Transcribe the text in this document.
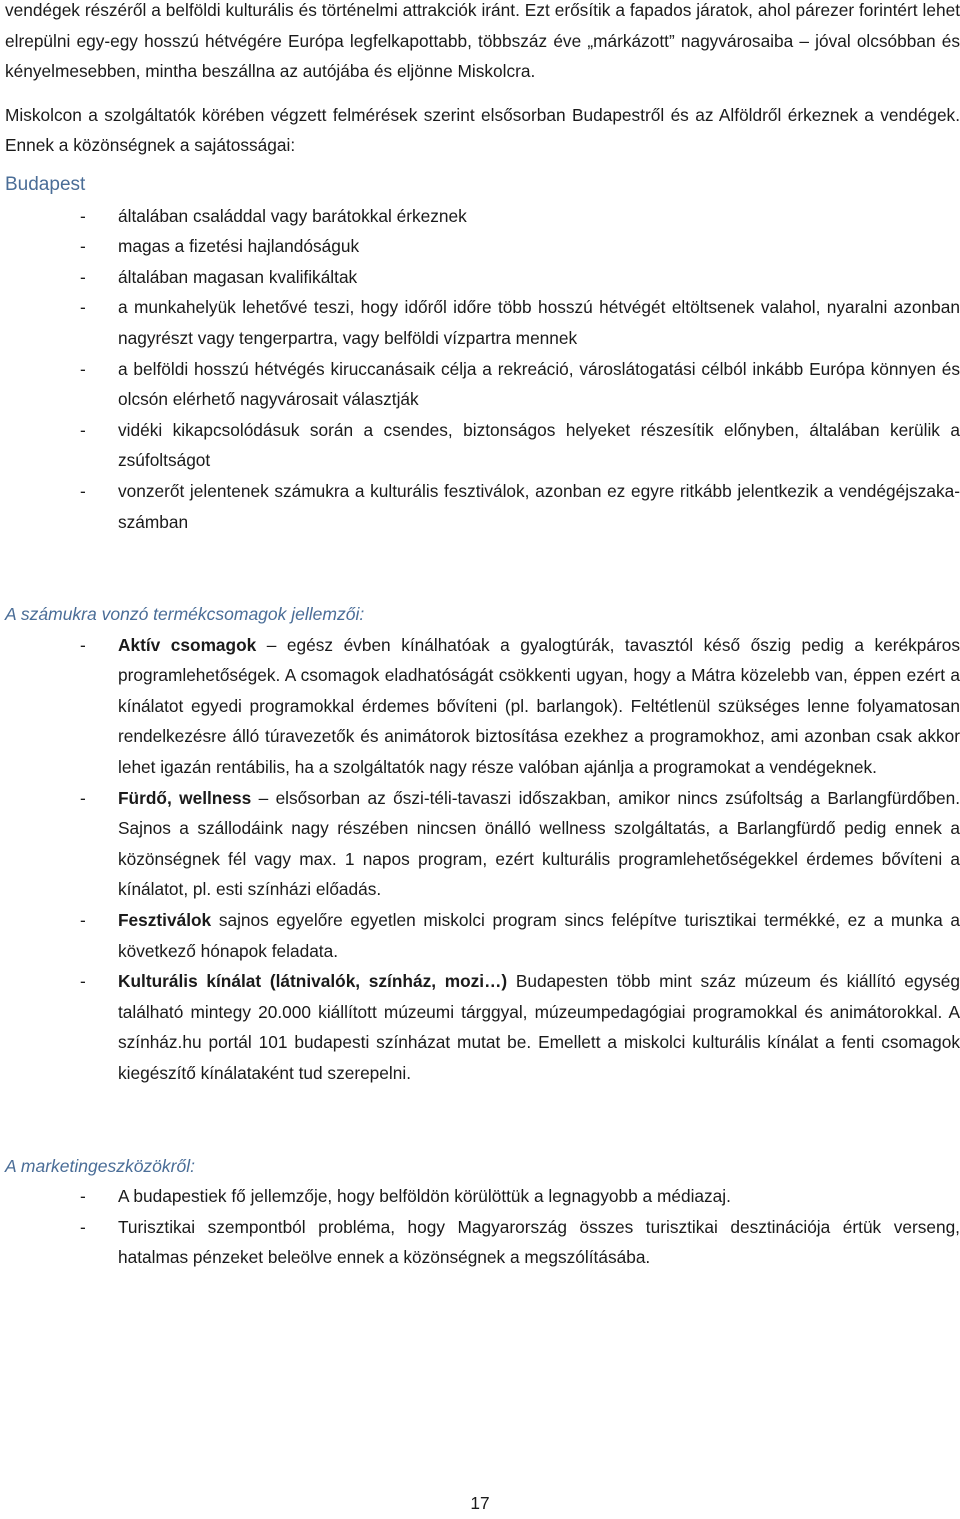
vendégek részéről a belföldi kulturális és történelmi attrakciók iránt. Ezt erősítik a fapados járatok, ahol párezer forintért lehet elrepülni egy-egy hosszú hétvégére Európa legfelkapottabb, többszáz éve „márkázott” nagyvárosaiba – jóval olcsóbban és kényelmesebben, mintha beszállna az autójába és eljönne Miskolcra.

Miskolcon a szolgáltatók körében végzett felmérések szerint elsősorban Budapestről és az Alföldről érkeznek a vendégek. Ennek a közönségnek a sajátosságai:

Budapest
- általában családdal vagy barátokkal érkeznek
- magas a fizetési hajlandóságuk
- általában magasan kvalifikáltak
- a munkahelyük lehetővé teszi, hogy időről időre több hosszú hétvégét eltöltsenek valahol, nyaralni azonban nagyrészt vagy tengerpartra, vagy belföldi vízpartra mennek
- a belföldi hosszú hétvégés kiruccanásaik célja a rekreáció, városlátogatási célból inkább Európa könnyen és olcsón elérhető nagyvárosait választják
- vidéki kikapcsolódásuk során a csendes, biztonságos helyeket részesítik előnyben, általában kerülik a zsúfoltságot
- vonzerőt jelentenek számukra a kulturális fesztiválok, azonban ez egyre ritkább jelentkezik a vendégéjszaka-számban
A számukra vonzó termékcsomagok jellemzői:
- Aktív csomagok – egész évben kínálhatóak a gyalogtúrák, tavasztól késő őszig pedig a kerékpáros programlehetőségek. A csomagok eladhatóságát csökkenti ugyan, hogy a Mátra közelebb van, éppen ezért a kínálatot egyedi programokkal érdemes bővíteni (pl. barlangok). Feltétlenül szükséges lenne folyamatosan rendelkezésre álló túravezetők és animátorok biztosítása ezekhez a programokhoz, ami azonban csak akkor lehet igazán rentábilis, ha a szolgáltatók nagy része valóban ajánlja a programokat a vendégeknek.
- Fürdő, wellness – elsősorban az őszi-téli-tavaszi időszakban, amikor nincs zsúfoltság a Barlangfürdőben. Sajnos a szállodáink nagy részében nincsen önálló wellness szolgáltatás, a Barlangfürdő pedig ennek a közönségnek fél vagy max. 1 napos program, ezért kulturális programlehetőségekkel érdemes bővíteni a kínálatot, pl. esti színházi előadás.
- Fesztiválok sajnos egyelőre egyetlen miskolci program sincs felépítve turisztikai termékké, ez a munka a következő hónapok feladata.
- Kulturális kínálat (látnivalók, színház, mozi…) Budapesten több mint száz múzeum és kiállító egység található mintegy 20.000 kiállított múzeumi tárggyal, múzeumpedagógiai programokkal és animátorokkal. A színház.hu portál 101 budapesti színházat mutat be. Emellett a miskolci kulturális kínálat a fenti csomagok kiegészítő kínálataként tud szerepelni.
A marketingeszközökről:
- A budapestiek fő jellemzője, hogy belföldön körülöttük a legnagyobb a médiazaj.
- Turisztikai szempontból probléma, hogy Magyarország összes turisztikai desztinációja értük verseng, hatalmas pénzeket beleölve ennek a közönségnek a megszólításába.
17
